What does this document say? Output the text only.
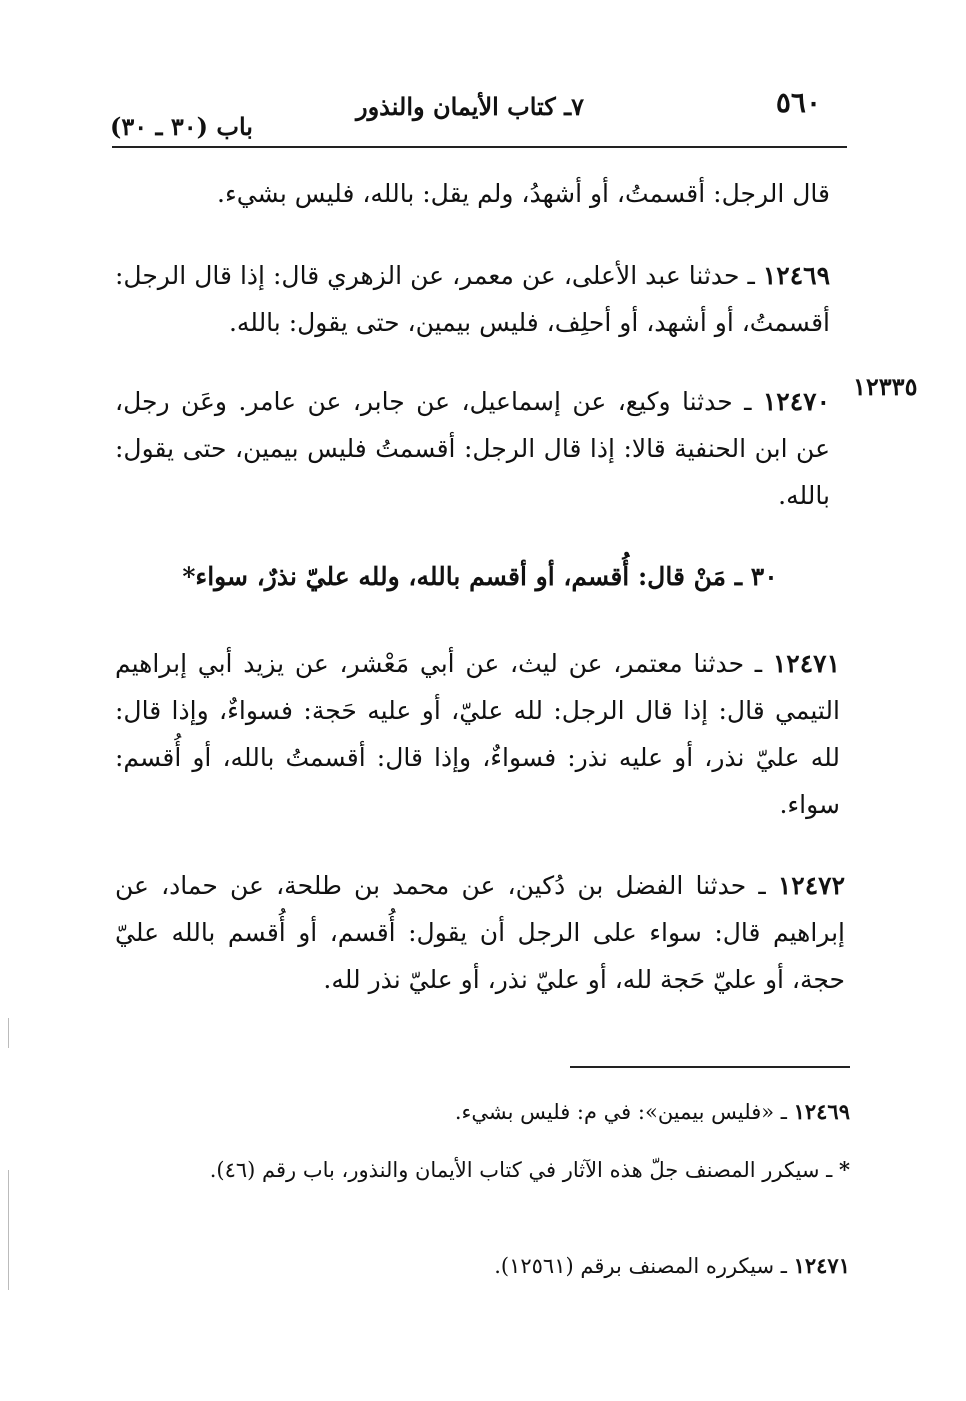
٥٦٠
٧ـ كتاب الأيمان والنذور
باب (٣٠ ـ ٣٠)
قال الرجل: أقسمتُ، أو أشهدُ، ولم يقل: بالله، فليس بشيء.
١٢٤٦٩ ـ حدثنا عبد الأعلى، عن معمر، عن الزهري قال: إذا قال الرجل: أقسمتُ، أو أشهد، أو أحلِف، فليس بيمين، حتى يقول: بالله.
١٢٣٣٥
١٢٤٧٠ ـ حدثنا وكيع، عن إسماعيل، عن جابر، عن عامر. وعَن رجل، عن ابن الحنفية قالا: إذا قال الرجل: أقسمتُ فليس بيمين، حتى يقول: بالله.
٣٠ ـ مَنْ قال: أُقسم، أو أقسم بالله، ولله عليّ نذرٌ، سواء*
١٢٤٧١ ـ حدثنا معتمر، عن ليث، عن أبي مَعْشر، عن يزيد أبي إبراهيم التيمي قال: إذا قال الرجل: لله عليّ، أو عليه حَجة: فسواءٌ، وإذا قال: لله عليّ نذر، أو عليه نذر: فسواءٌ، وإذا قال: أقسمتُ بالله، أو أُقسم: سواء.
١٢٤٧٢ ـ حدثنا الفضل بن دُكين، عن محمد بن طلحة، عن حماد، عن إبراهيم قال: سواء على الرجل أن يقول: أُقسم، أو أُقسم بالله عليّ حجة، أو عليّ حَجة لله، أو عليّ نذر، أو عليّ نذر لله.
١٢٤٦٩ ـ «فليس بيمين»: في م: فليس بشيء.
* ـ سيكرر المصنف جلّ هذه الآثار في كتاب الأيمان والنذور، باب رقم (٤٦).
١٢٤٧١ ـ سيكرره المصنف برقم (١٢٥٦١).
